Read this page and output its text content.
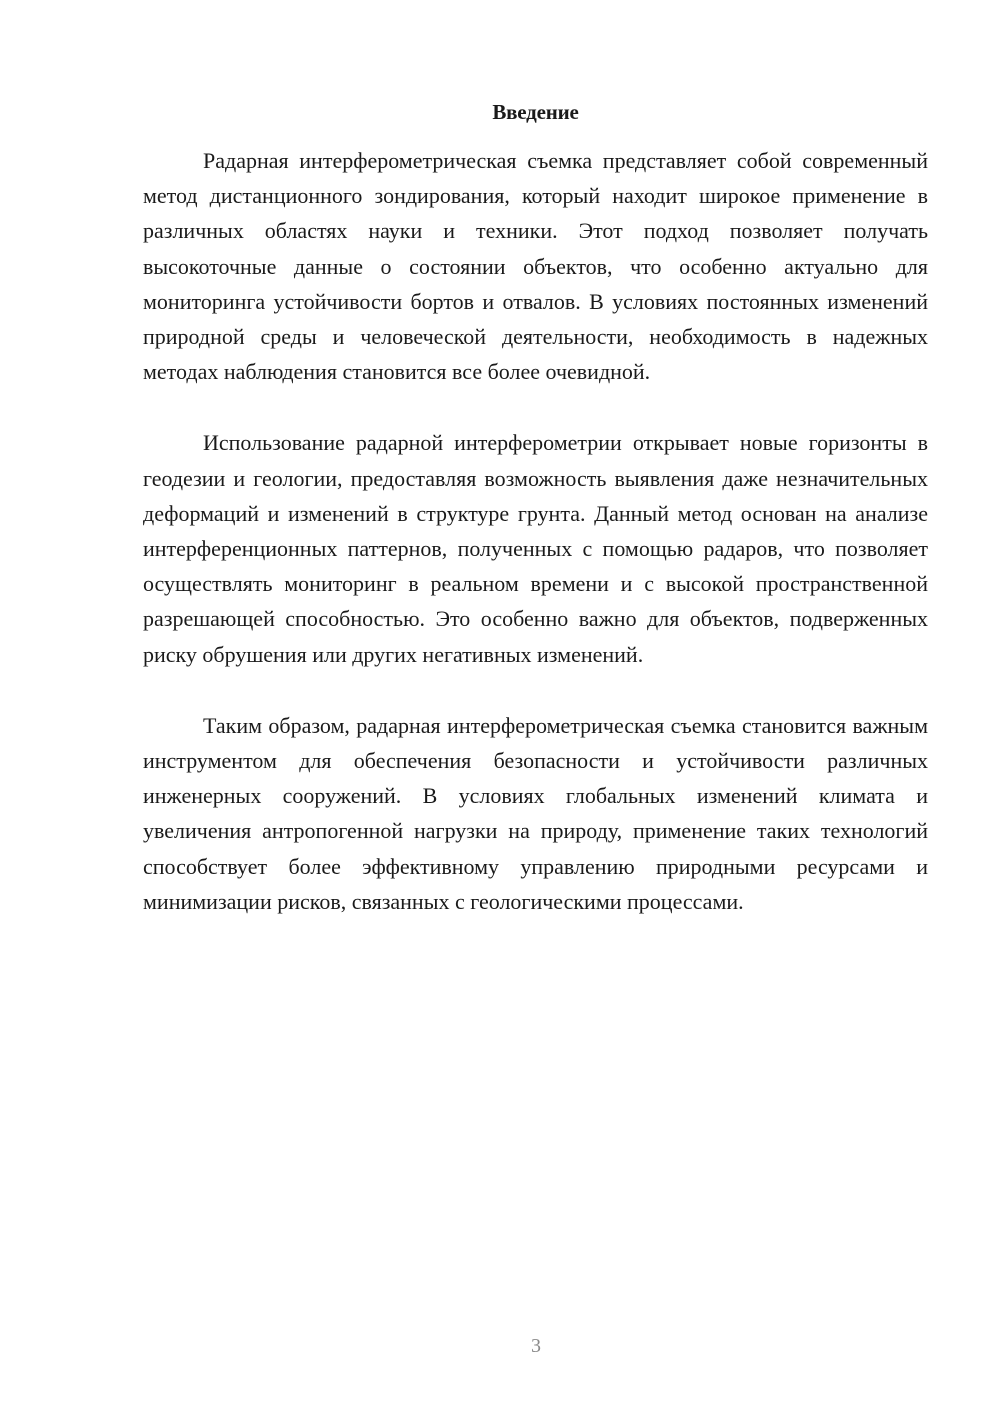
Введение

Радарная интерферометрическая съемка представляет собой современный метод дистанционного зондирования, который находит широкое применение в различных областях науки и техники. Этот подход позволяет получать высокоточные данные о состоянии объектов, что особенно актуально для мониторинга устойчивости бортов и отвалов. В условиях постоянных изменений природной среды и человеческой деятельности, необходимость в надежных методах наблюдения становится все более очевидной.

Использование радарной интерферометрии открывает новые горизонты в геодезии и геологии, предоставляя возможность выявления даже незначительных деформаций и изменений в структуре грунта. Данный метод основан на анализе интерференционных паттернов, полученных с помощью радаров, что позволяет осуществлять мониторинг в реальном времени и с высокой пространственной разрешающей способностью. Это особенно важно для объектов, подверженных риску обрушения или других негативных изменений.

Таким образом, радарная интерферометрическая съемка становится важным инструментом для обеспечения безопасности и устойчивости различных инженерных сооружений. В условиях глобальных изменений климата и увеличения антропогенной нагрузки на природу, применение таких технологий способствует более эффективному управлению природными ресурсами и минимизации рисков, связанных с геологическими процессами.

3
